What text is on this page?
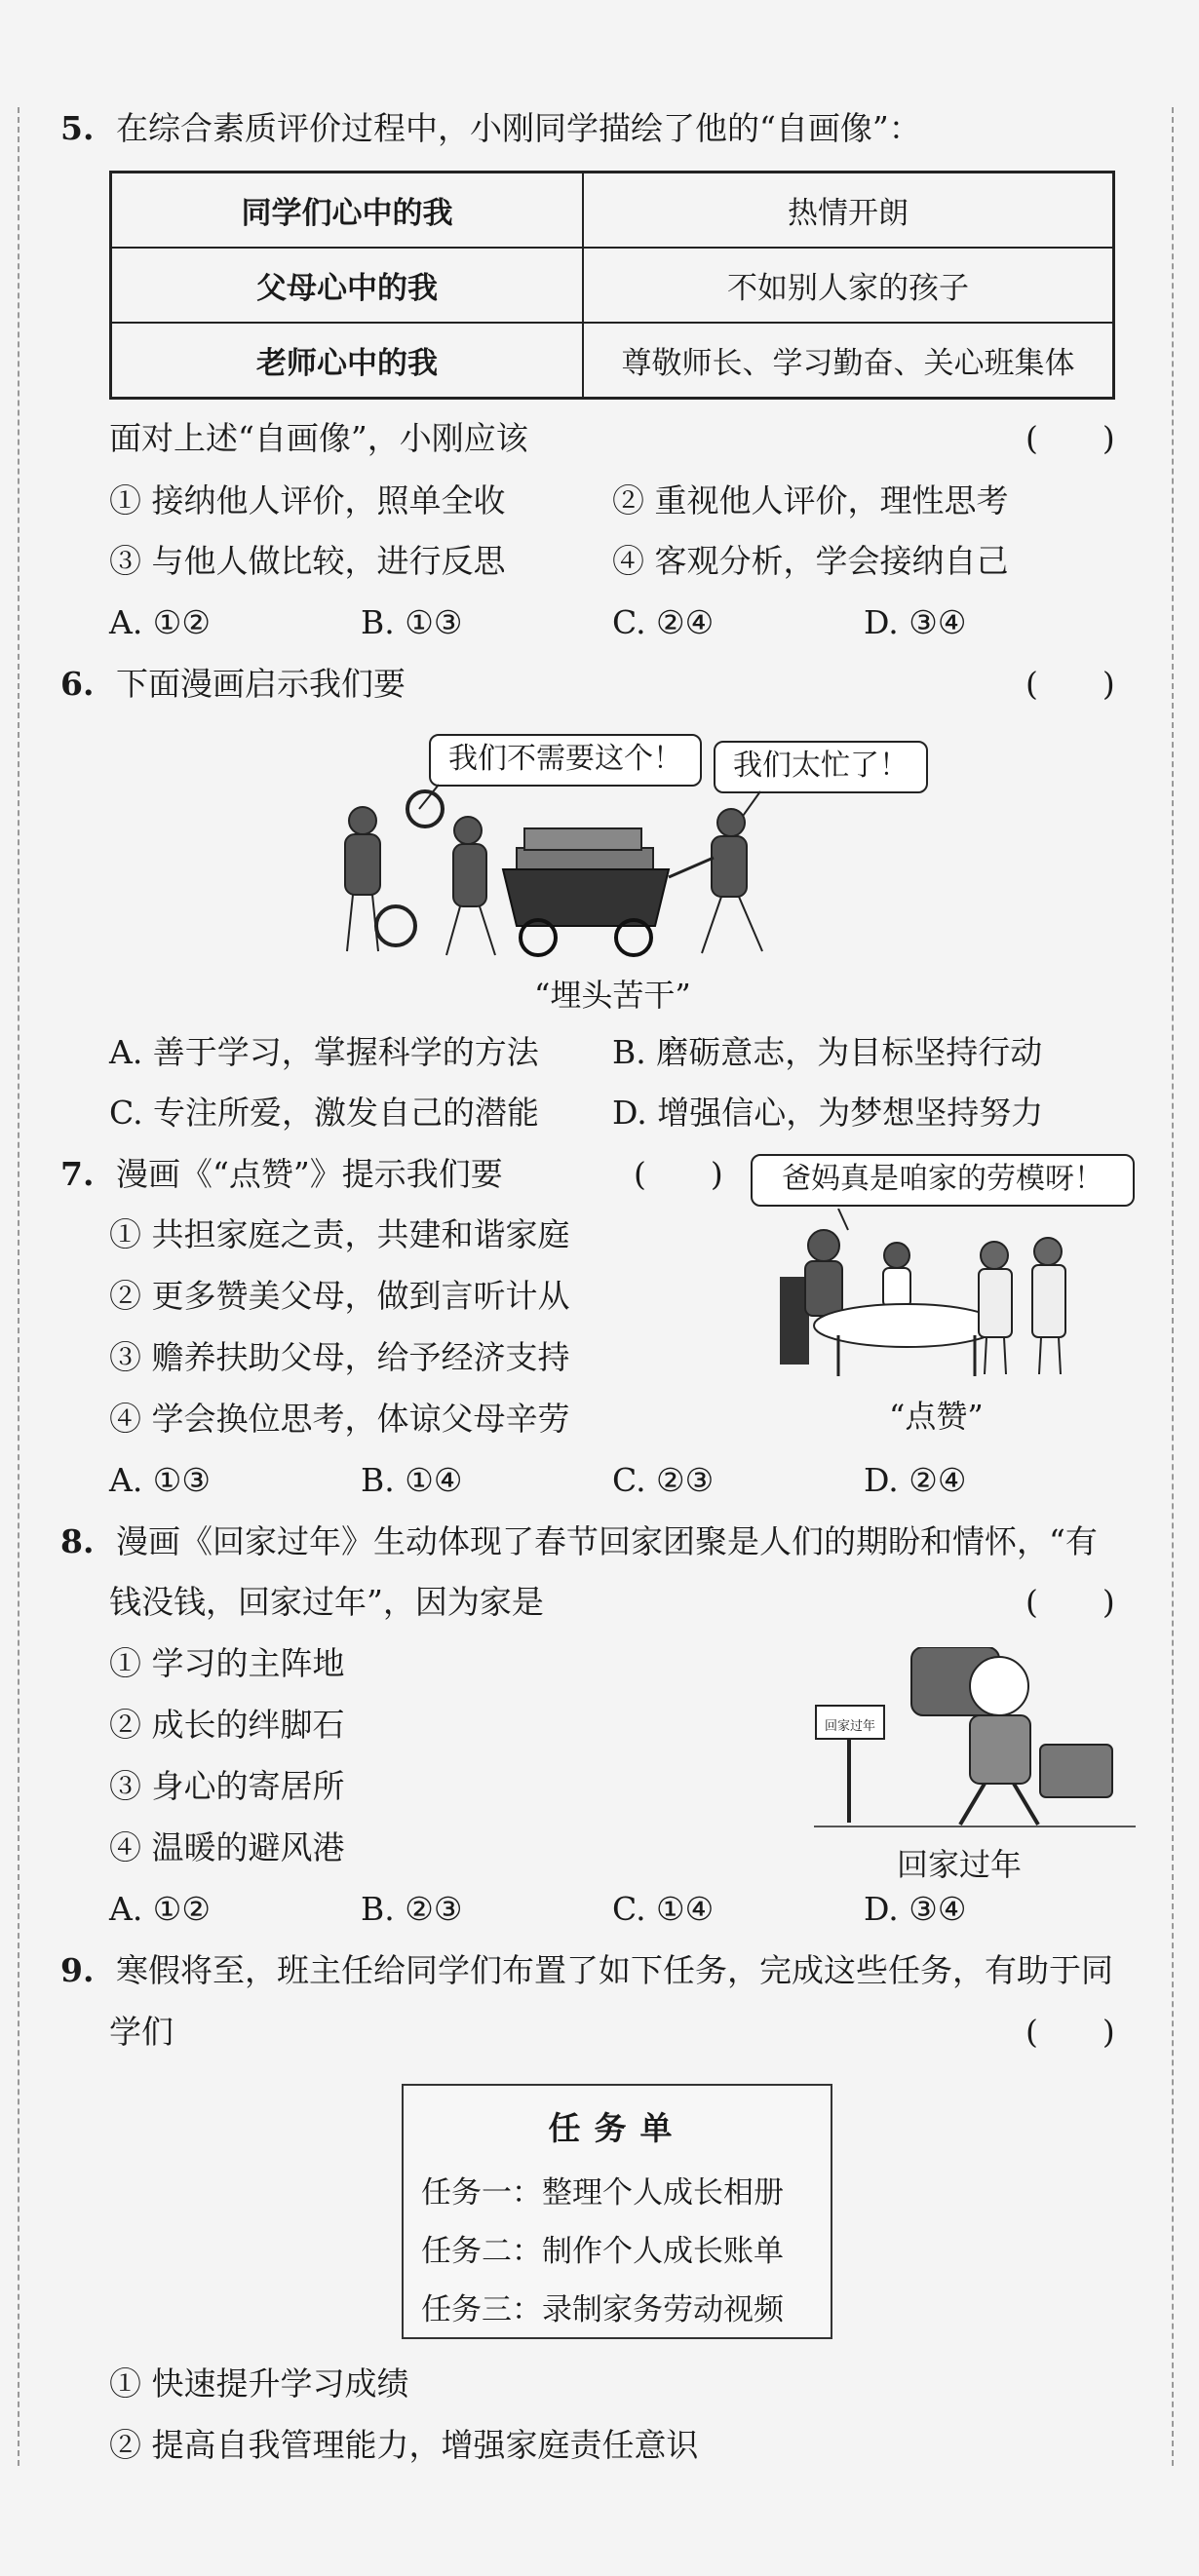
5. 在综合素质评价过程中，小刚同学描绘了他的“自画像”：
同学们心中的我	热情开朗
父母心中的我	不如别人家的孩子
老师心中的我	尊敬师长、学习勤奋、关心班集体
面对上述“自画像”，小刚应该	(　　)
① 接纳他人评价，照单全收	② 重视他人评价，理性思考
③ 与他人做比较，进行反思	④ 客观分析，学会接纳自己
A. ①②	B. ①③	C. ②④	D. ③④
6. 下面漫画启示我们要	(　　)
我们不需要这个！	我们太忙了！
“埋头苦干”
A. 善于学习，掌握科学的方法 B. 磨砺意志，为目标坚持行动
C. 专注所爱，激发自己的潜能 D. 增强信心，为梦想坚持努力
7. 漫画《“点赞”》提示我们要	(　　)	爸妈真是咱家的劳模呀！
① 共担家庭之责，共建和谐家庭
② 更多赞美父母，做到言听计从
③ 赡养扶助父母，给予经济支持
④ 学会换位思考，体谅父母辛劳	“点赞”
A. ①③	B. ①④	C. ②③	D. ②④
8. 漫画《回家过年》生动体现了春节回家团聚是人们的期盼和情怀，“有
钱没钱，回家过年”，因为家是	(　　)
① 学习的主阵地
② 成长的绊脚石
③ 身心的寄居所
④ 温暖的避风港
回家过年
回家过年
A. ①②	B. ②③	C. ①④	D. ③④
9. 寒假将至，班主任给同学们布置了如下任务，完成这些任务，有助于同
学们	(　　)
任务单
任务一：整理个人成长相册
任务二：制作个人成长账单
任务三：录制家务劳动视频
① 快速提升学习成绩
② 提高自我管理能力，增强家庭责任意识
